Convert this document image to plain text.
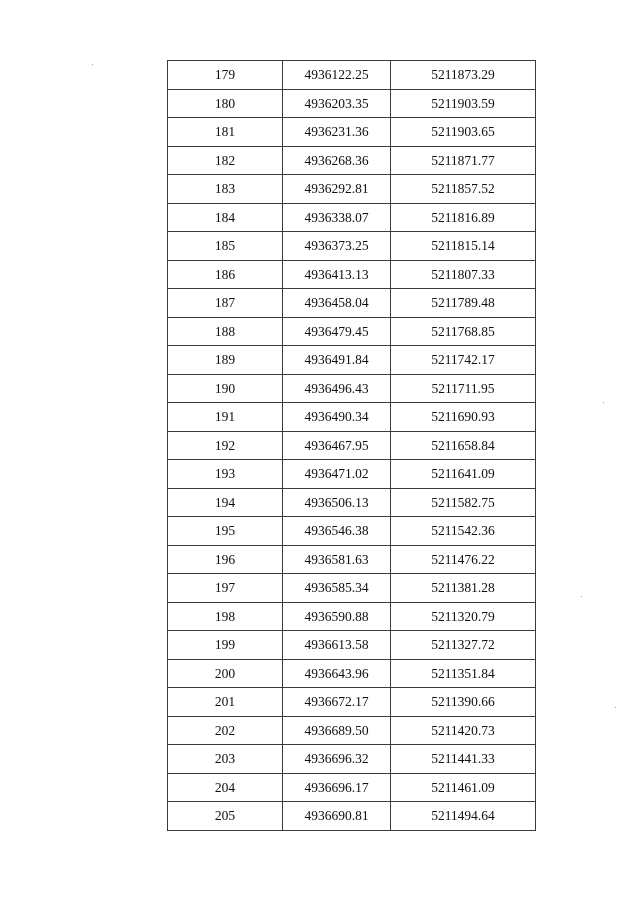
179	4936122.25	5211873.29
180	4936203.35	5211903.59
181	4936231.36	5211903.65
182	4936268.36	5211871.77
183	4936292.81	5211857.52
184	4936338.07	5211816.89
185	4936373.25	5211815.14
186	4936413.13	5211807.33
187	4936458.04	5211789.48
188	4936479.45	5211768.85
189	4936491.84	5211742.17
190	4936496.43	5211711.95
191	4936490.34	5211690.93
192	4936467.95	5211658.84
193	4936471.02	5211641.09
194	4936506.13	5211582.75
195	4936546.38	5211542.36
196	4936581.63	5211476.22
197	4936585.34	5211381.28
198	4936590.88	5211320.79
199	4936613.58	5211327.72
200	4936643.96	5211351.84
201	4936672.17	5211390.66
202	4936689.50	5211420.73
203	4936696.32	5211441.33
204	4936696.17	5211461.09
205	4936690.81	5211494.64
